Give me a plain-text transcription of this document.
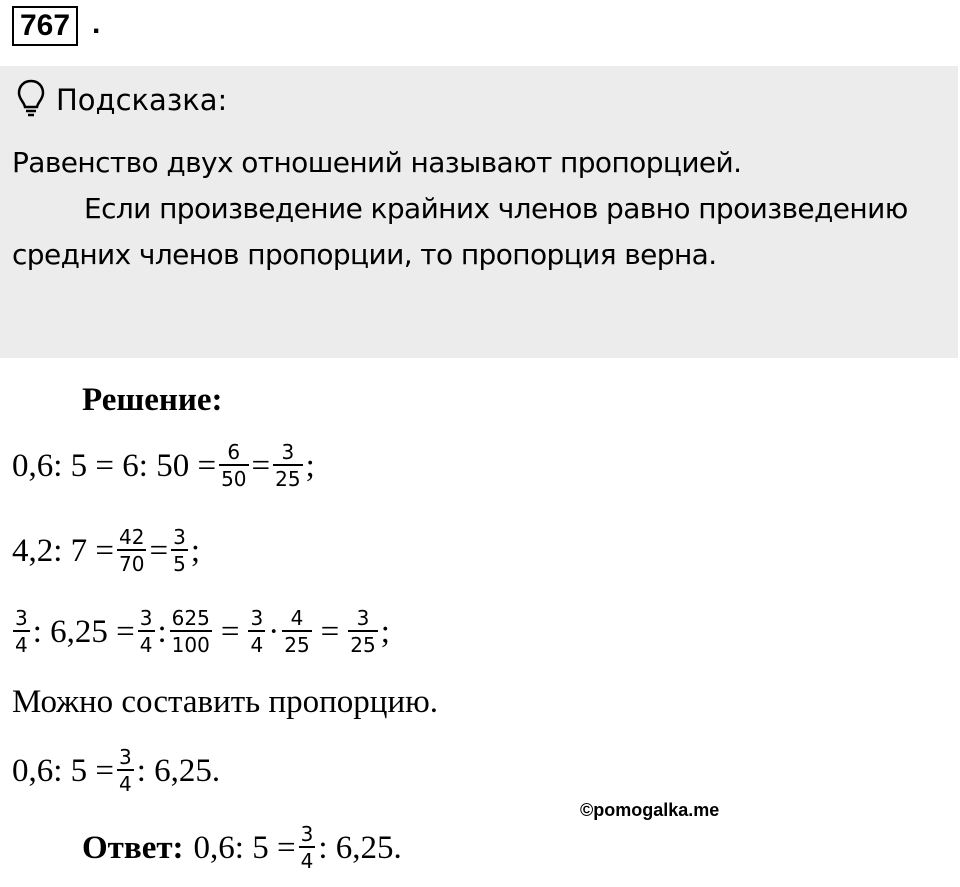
767 .
Подсказка:

Равенство двух отношений называют пропорцией.

Если произведение крайних членов равно произведению средних членов пропорции, то пропорция верна.

Решение:
0,6: 5 = 6: $50 = \frac{6}{50} = \frac{3}{25}$ ;
4,2: $7 = \frac{42}{70} = \frac{3}{5}$ ;
$\frac{3}{4}$ : $6,25 = \frac{3}{4}$ : $\frac{625}{100} = \frac{3}{4} \cdot \frac{4}{25} = \frac{3}{25}$ ;
Можно составить пропорцию.
0,6: $5 = \frac{3}{4}$ : 6,25.
Ответ: 0,6: $5 = \frac{3}{4}$ : 6,25.
©pomogalka.me
